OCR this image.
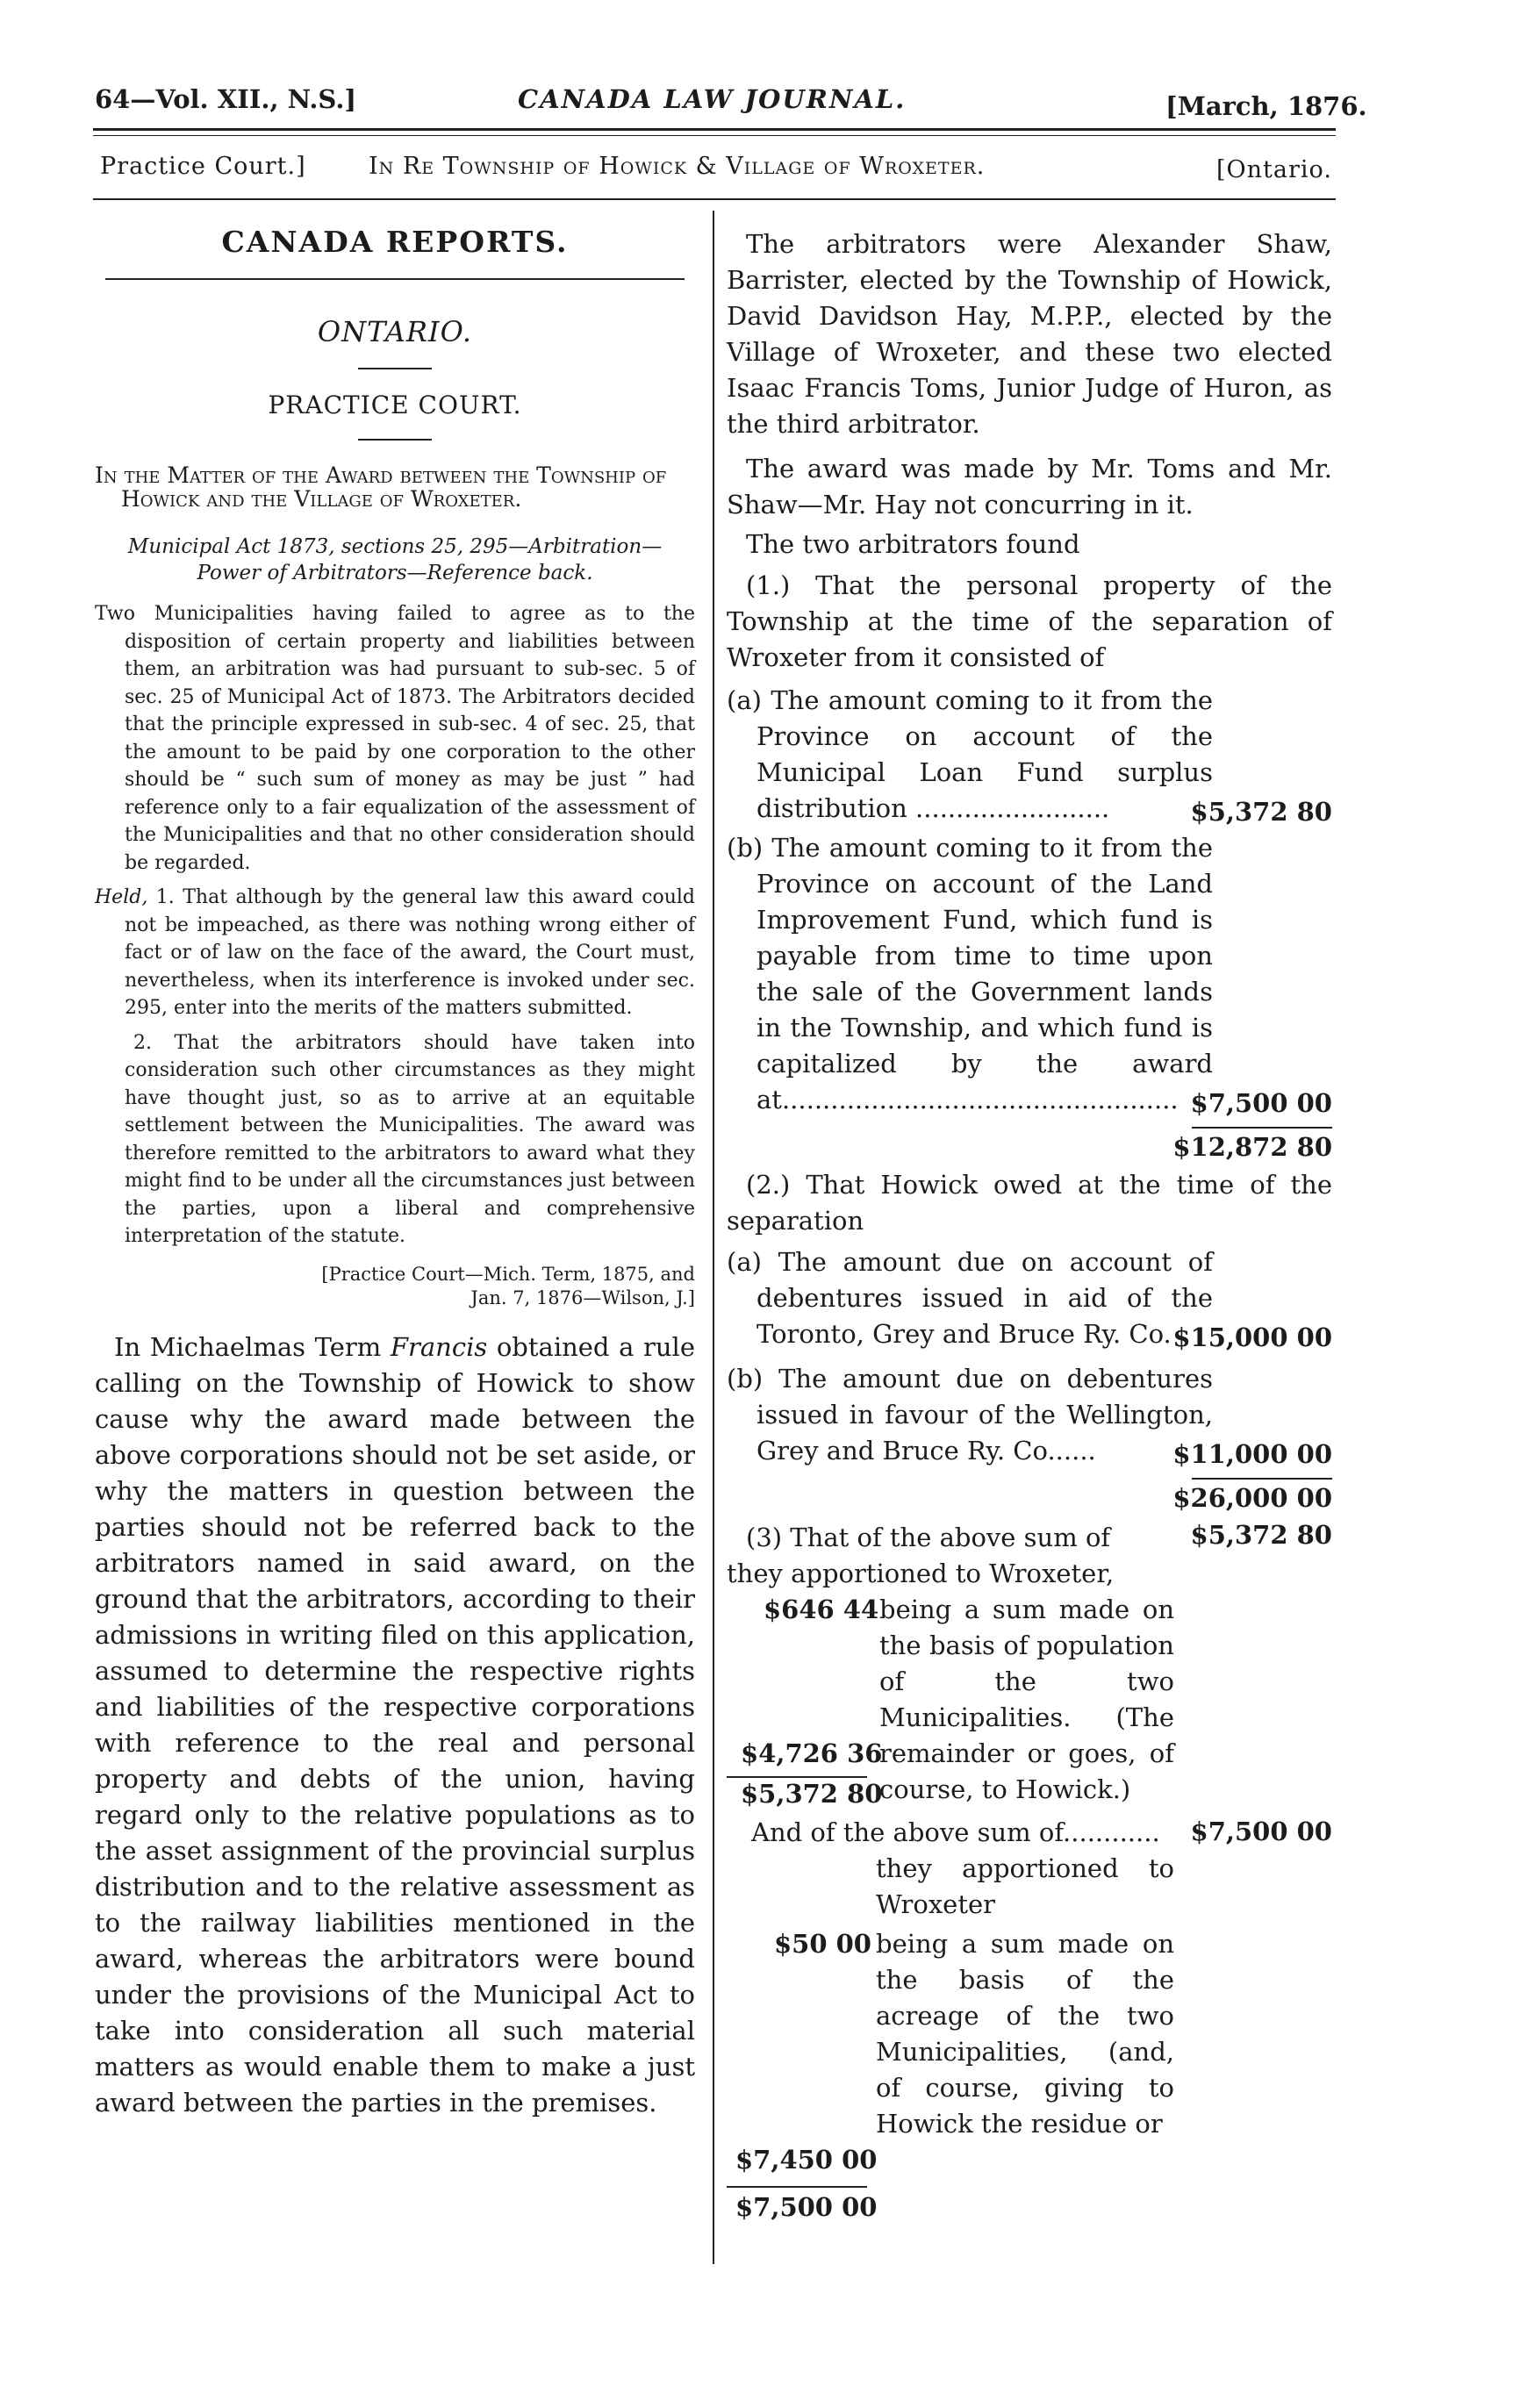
64—Vol. XII., N.S.]	CANADA LAW JOURNAL.	[March, 1876.
Practice Court.]	In Re Township of Howick & Village of Wroxeter.	[Ontario.
CANADA REPORTS.
ONTARIO.
PRACTICE COURT.
In the Matter of the Award between the Township of Howick and the Village of Wroxeter.
Municipal Act 1873, sections 25, 295—Arbitration—
Power of Arbitrators—Reference back.

Two Municipalities having failed to agree as to the disposition of certain property and liabilities between them, an arbitration was had pursuant to sub-sec. 5 of sec. 25 of Municipal Act of 1873. The Arbitrators decided that the principle expressed in sub-sec. 4 of sec. 25, that the amount to be paid by one corporation to the other should be “ such sum of money as may be just ” had reference only to a fair equalization of the assessment of the Municipalities and that no other consideration should be regarded.

Held, 1. That although by the general law this award could not be impeached, as there was nothing wrong either of fact or of law on the face of the award, the Court must, nevertheless, when its interference is invoked under sec. 295, enter into the merits of the matters submitted.

2. That the arbitrators should have taken into consideration such other circumstances as they might have thought just, so as to arrive at an equitable settlement between the Municipalities. The award was therefore remitted to the arbitrators to award what they might find to be under all the circumstances just between the parties, upon a liberal and comprehensive interpretation of the statute.

[Practice Court—Mich. Term, 1875, and
Jan. 7, 1876—Wilson, J.]

In Michaelmas Term Francis obtained a rule calling on the Township of Howick to show cause why the award made between the above corporations should not be set aside, or why the matters in question between the parties should not be referred back to the arbitrators named in said award, on the ground that the arbitrators, according to their admissions in writing filed on this application, assumed to determine the respective rights and liabilities of the respective corporations with reference to the real and personal property and debts of the union, having regard only to the relative populations as to the asset assignment of the provincial surplus distribution and to the relative assessment as to the railway liabilities mentioned in the award, whereas the arbitrators were bound under the provisions of the Municipal Act to take into consideration all such material matters as would enable them to make a just award between the parties in the premises.

The arbitrators were Alexander Shaw, Barrister, elected by the Township of Howick, David Davidson Hay, M.P.P., elected by the Village of Wroxeter, and these two elected Isaac Francis Toms, Junior Judge of Huron, as the third arbitrator.

The award was made by Mr. Toms and Mr. Shaw—Mr. Hay not concurring in it.

The two arbitrators found

(1.) That the personal property of the Township at the time of the separation of Wroxeter from it consisted of

(a) The amount coming to it from the Province on account of the Municipal Loan Fund surplus distribution ........................	$5,372 80

(b) The amount coming to it from the Province on account of the Land Improvement Fund, which fund is payable from time to time upon the sale of the Government lands in the Township, and which fund is capitalized by the award at................................................. $7,500 00
$12,872 80

(2.) That Howick owed at the time of the separation

(a) The amount due on account of debentures issued in aid of the Toronto, Grey and Bruce Ry. Co. $15,000 00

(b) The amount due on debentures issued in favour of the Wellington, Grey and Bruce Ry. Co......	$11,000 00
$26,000 00

(3) That of the above sum of	$5,372 80

they apportioned to Wroxeter,

$646 44 being a sum made on the basis of population of the two Municipalities. (The remainder or goes, of course, to Howick.)

$4,726 36
$5,372 80

And of the above sum of............	$7,500 00

they apportioned to Wroxeter

$50 00 being a sum made on the basis of the acreage of the two Municipalities, (and, of course, giving to Howick the residue or

$7,450 00
$7,500 00
